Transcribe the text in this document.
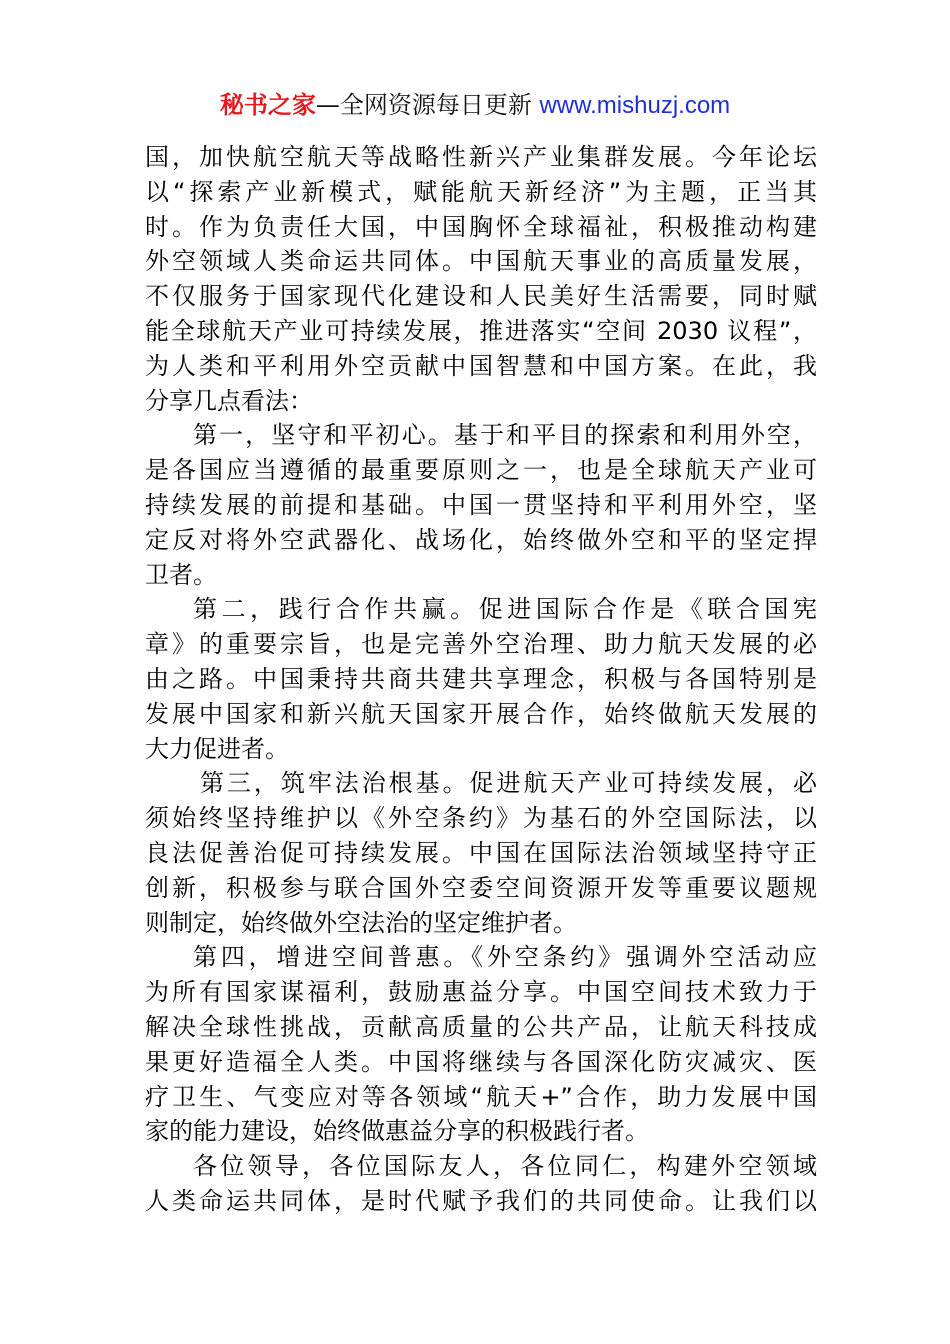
秘书之家—全网资源每日更新 www.mishuzj.com
国，加快航空航天等战略性新兴产业集群发展。今年论坛
以“探索产业新模式，赋能航天新经济”为主题，正当其
时。作为负责任大国，中国胸怀全球福祉，积极推动构建
外空领域人类命运共同体。中国航天事业的高质量发展，
不仅服务于国家现代化建设和人民美好生活需要，同时赋
能全球航天产业可持续发展，推进落实“空间 2030 议程”，
为人类和平利用外空贡献中国智慧和中国方案。在此，我
分享几点看法：
第一，坚守和平初心。基于和平目的探索和利用外空，
是各国应当遵循的最重要原则之一，也是全球航天产业可
持续发展的前提和基础。中国一贯坚持和平利用外空，坚
定反对将外空武器化、战场化，始终做外空和平的坚定捍
卫者。
第二，践行合作共赢。促进国际合作是《联合国宪
章》的重要宗旨，也是完善外空治理、助力航天发展的必
由之路。中国秉持共商共建共享理念，积极与各国特别是
发展中国家和新兴航天国家开展合作，始终做航天发展的
大力促进者。
第三，筑牢法治根基。促进航天产业可持续发展，必
须始终坚持维护以《外空条约》为基石的外空国际法，以
良法促善治促可持续发展。中国在国际法治领域坚持守正
创新，积极参与联合国外空委空间资源开发等重要议题规
则制定，始终做外空法治的坚定维护者。
第四，增进空间普惠。《外空条约》强调外空活动应
为所有国家谋福利，鼓励惠益分享。中国空间技术致力于
解决全球性挑战，贡献高质量的公共产品，让航天科技成
果更好造福全人类。中国将继续与各国深化防灾减灾、医
疗卫生、气变应对等各领域“航天+”合作，助力发展中国
家的能力建设，始终做惠益分享的积极践行者。
各位领导，各位国际友人，各位同仁，构建外空领域
人类命运共同体，是时代赋予我们的共同使命。让我们以
